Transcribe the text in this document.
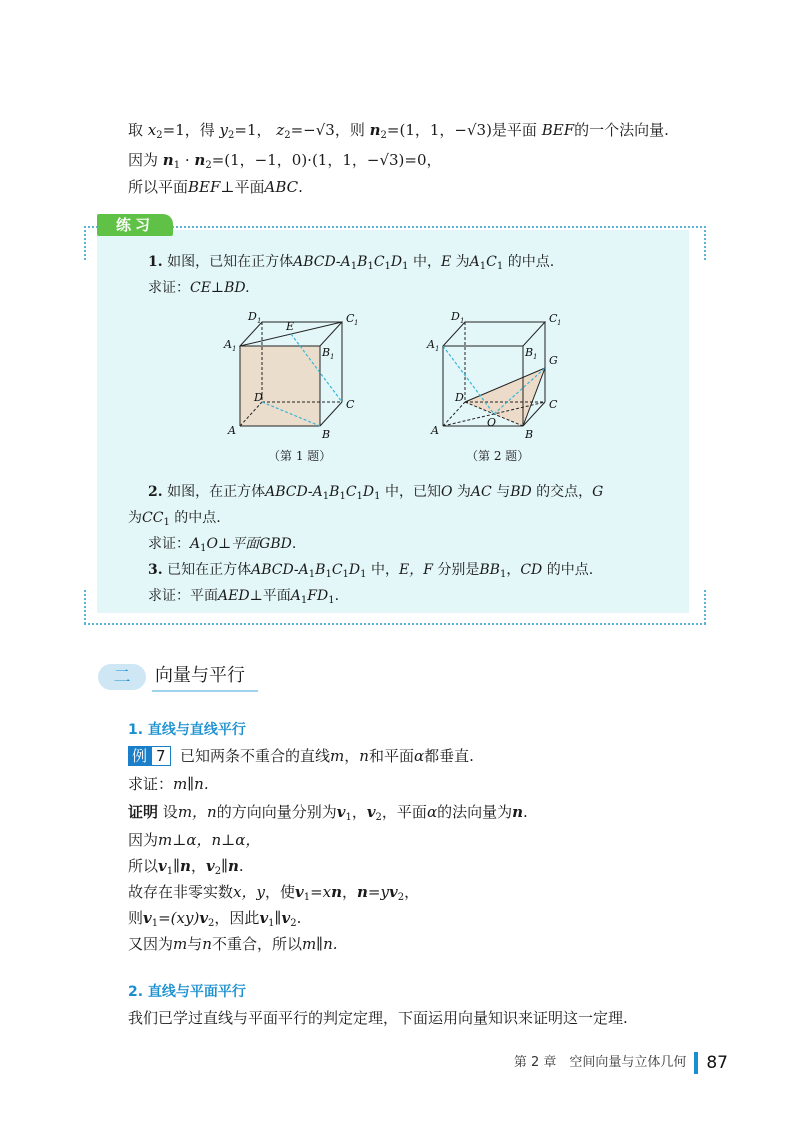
取 $x_2=1$，得 $y_2=1$， $z_2=-√3$，则 $n_2=(1$，1，−√3)是平面 BEF的一个法向量.
因为 $n_1 \cdot n_2=(1$，−1，0)·(1，1，−√3)=0，
所以平面BEF⊥平面ABC.
练习
1. 如图，已知在正方体ABCD-$A_1B_1C_1D_1$ 中，E 为$A_1C_1$ 的中点.
求证：CE⊥BD.
D 1	C 1
E
A 1	B 1
D
C
A	B
（第 1 题）
D 1	C 1
A 1	B 1 G
D
C
O
A	B
（第 2 题）
2. 如图，在正方体ABCD-$A_1B_1C_1D_1$ 中，已知O 为AC 与BD 的交点，G
为$CC_1$ 的中点.
求证：$A_1O\perp$平面GBD.
3. 已知在正方体ABCD-$A_1B_1C_1D_1$ 中，E，F 分别是$BB_1$，CD 的中点.
求证：平面AED⊥平面$A_1FD_1$.
二	向量与平行
1. 直线与直线平行
例 7 已知两条不重合的直线m，n和平面α都垂直.
求证：m∥n.
证明 设m，n的方向向量分别为$v_1$，$v_2$，平面α的法向量为n.
因为m⊥α，n⊥α，
所以$v_1\parallel n$，$v_2\parallel n$.
故存在非零实数x，y，使$v_1=xn$，$n=yv_2$，
则$v_1=(xy)v_2$，因此$v_1\parallel v_2$.
又因为m与n不重合，所以m∥n.
2. 直线与平面平行
我们已学过直线与平面平行的判定定理，下面运用向量知识来证明这一定理.
第 2 章　空间向量与立体几何 87
